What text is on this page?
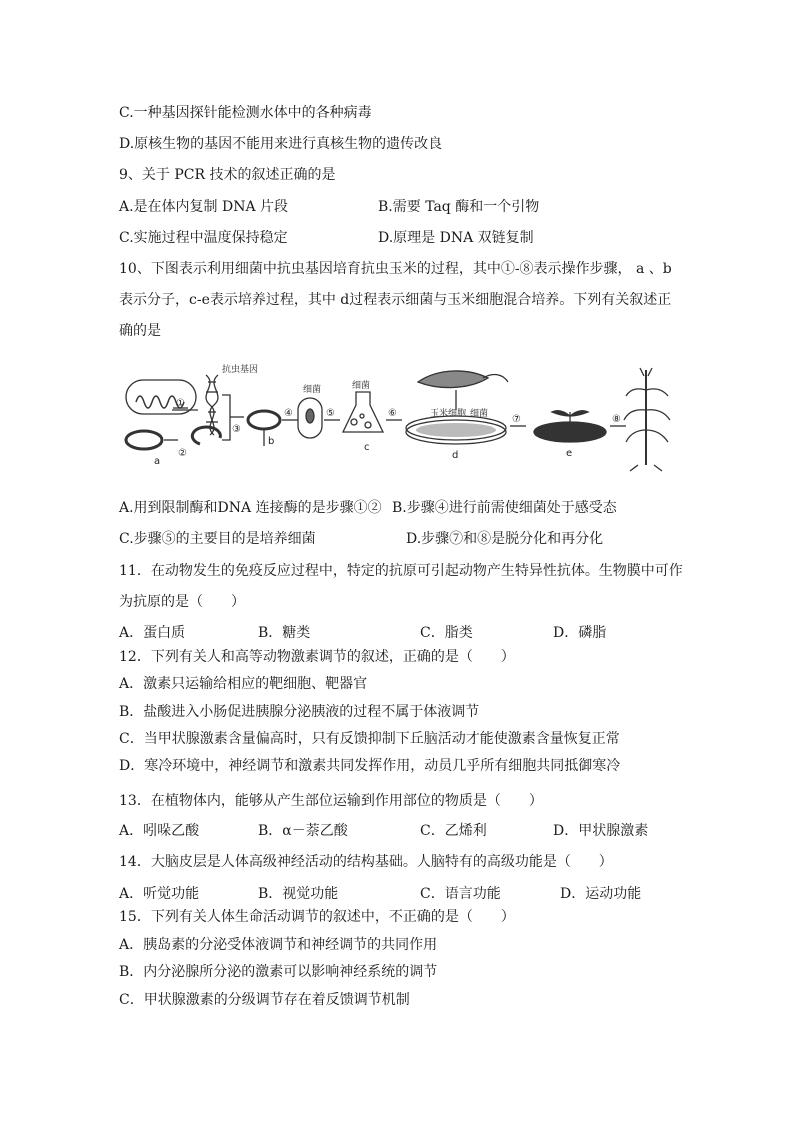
C.一种基因探针能检测水体中的各种病毒
D.原核生物的基因不能用来进行真核生物的遗传改良
9、关于 PCR 技术的叙述正确的是
A.是在体内复制 DNA 片段	B.需要 Taq 酶和一个引物
C.实施过程中温度保持稳定	D.原理是 DNA 双链复制
10、下图表示利用细菌中抗虫基因培育抗虫玉米的过程，其中①-⑧表示操作步骤， a 、b
表示分子，c-e表示培养过程，其中 d过程表示细菌与玉米细胞混合培养。下列有关叙述正
确的是
抗虫基因
细菌	细菌
细菌
玉米细胞
a
b
c
d	e
①
②
③
④	⑤	⑥
⑦	⑧
A.用到限制酶和DNA 连接酶的是步骤①② B.步骤④进行前需使细菌处于感受态
C.步骤⑤的主要目的是培养细菌	D.步骤⑦和⑧是脱分化和再分化
11．在动物发生的免疫反应过程中，特定的抗原可引起动物产生特异性抗体。生物膜中可作
为抗原的是（　　）
A．蛋白质	B．糖类	C．脂类	D．磷脂
12．下列有关人和高等动物激素调节的叙述，正确的是（　　）
A．激素只运输给相应的靶细胞、靶器官
B．盐酸进入小肠促进胰腺分泌胰液的过程不属于体液调节
C．当甲状腺激素含量偏高时，只有反馈抑制下丘脑活动才能使激素含量恢复正常
D．寒冷环境中，神经调节和激素共同发挥作用，动员几乎所有细胞共同抵御寒冷
13．在植物体内，能够从产生部位运输到作用部位的物质是（　　）
A．吲哚乙酸	B．α－萘乙酸	C．乙烯利	D．甲状腺激素
14．大脑皮层是人体高级神经活动的结构基础。人脑特有的高级功能是（　　）
A．听觉功能	B．视觉功能	C．语言功能	D．运动功能
15．下列有关人体生命活动调节的叙述中，不正确的是（　　）
A．胰岛素的分泌受体液调节和神经调节的共同作用
B．内分泌腺所分泌的激素可以影响神经系统的调节
C．甲状腺激素的分级调节存在着反馈调节机制
